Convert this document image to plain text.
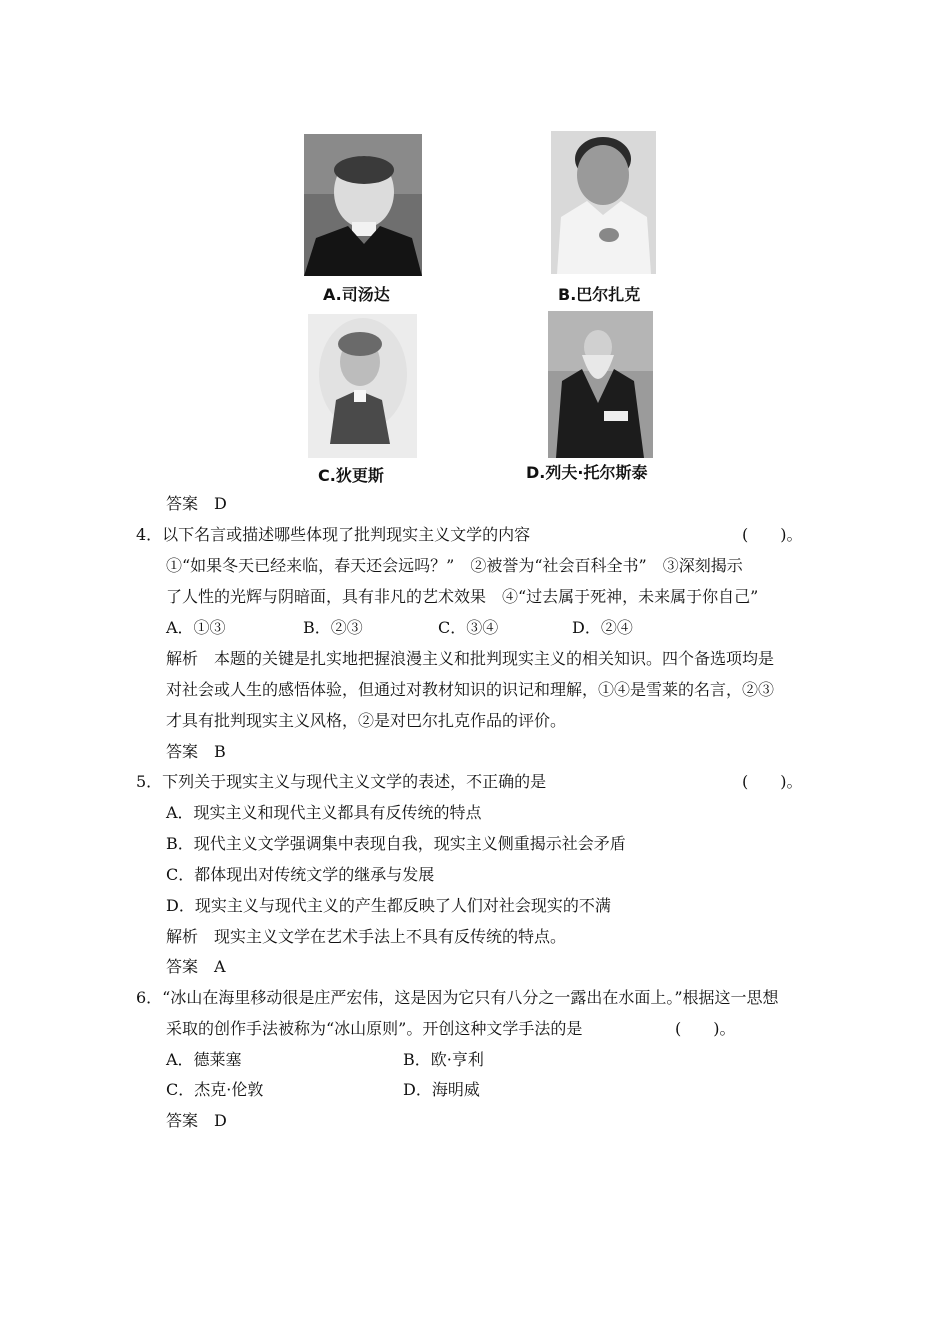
A.司汤达	B.巴尔扎克
C.狄更斯	D.列夫·托尔斯泰
答案　D
4．以下名言或描述哪些体现了批判现实主义文学的内容	(　　)。
①“如果冬天已经来临，春天还会远吗？”　②被誉为“社会百科全书”　③深刻揭示
了人性的光辉与阴暗面，具有非凡的艺术效果　④“过去属于死神，未来属于你自己”
A．①③	B．②③	C．③④	D．②④
解析　本题的关键是扎实地把握浪漫主义和批判现实主义的相关知识。四个备选项均是
对社会或人生的感悟体验，但通过对教材知识的识记和理解，①④是雪莱的名言，②③
才具有批判现实主义风格，②是对巴尔扎克作品的评价。
答案　B
5．下列关于现实主义与现代主义文学的表述，不正确的是	(　　)。
A．现实主义和现代主义都具有反传统的特点
B．现代主义文学强调集中表现自我，现实主义侧重揭示社会矛盾
C．都体现出对传统文学的继承与发展
D．现实主义与现代主义的产生都反映了人们对社会现实的不满
解析　现实主义文学在艺术手法上不具有反传统的特点。
答案　A
6．“冰山在海里移动很是庄严宏伟，这是因为它只有八分之一露出在水面上。”根据这一思想
采取的创作手法被称为“冰山原则”。开创这种文学手法的是	(　　)。
A．德莱塞	B．欧·亨利
C．杰克·伦敦	D．海明威
答案　D
